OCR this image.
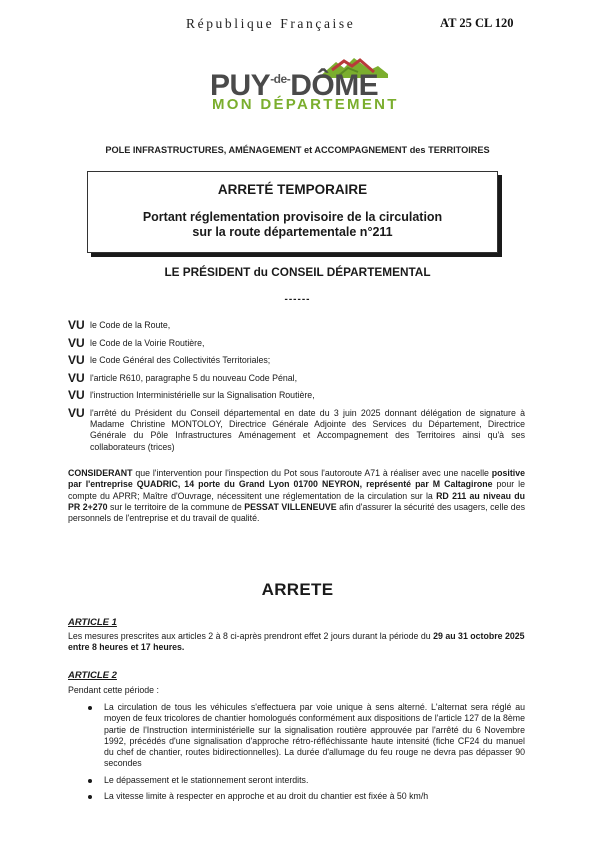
République Française	AT 25 CL 120
$PUY^{-de-}DÔME$
MON DÉPARTEMENT
POLE INFRASTRUCTURES, AMÉNAGEMENT et ACCOMPAGNEMENT des TERRITOIRES
ARRETÉ TEMPORAIRE
Portant réglementation provisoire de la circulation
sur la route départementale n°211
LE PRÉSIDENT du CONSEIL DÉPARTEMENTAL
------
VU le Code de la Route,
VU le Code de la Voirie Routière,
VU le Code Général des Collectivités Territoriales;
VU l'article R610, paragraphe 5 du nouveau Code Pénal,
VU l'instruction Interministérielle sur la Signalisation Routière,
VU l'arrêté du Président du Conseil départemental en date du 3 juin 2025 donnant délégation de signature à Madame Christine MONTOLOY, Directrice Générale Adjointe des Services du Département, Directrice Générale du Pôle Infrastructures Aménagement et Accompagnement des Territoires ainsi qu'à ses collaborateurs (trices)
CONSIDERANT que l'intervention pour l'inspection du Pot sous l'autoroute A71 à réaliser avec une nacelle positive par l'entreprise QUADRIC, 14 porte du Grand Lyon 01700 NEYRON, représenté par M Caltagirone pour le compte du APRR; Maître d'Ouvrage, nécessitent une réglementation de la circulation sur la RD 211 au niveau du PR 2+270 sur le territoire de la commune de PESSAT VILLENEUVE afin d'assurer la sécurité des usagers, celle des personnels de l'entreprise et du travail de qualité.
ARRETE
ARTICLE 1
Les mesures prescrites aux articles 2 à 8 ci-après prendront effet 2 jours durant la période du 29 au 31 octobre 2025 entre 8 heures et 17 heures.
ARTICLE 2
Pendant cette période :
La circulation de tous les véhicules s'effectuera par voie unique à sens alterné. L'alternat sera réglé au moyen de feux tricolores de chantier homologués conformément aux dispositions de l'article 127 de la 8ème partie de l'Instruction interministérielle sur la signalisation routière approuvée par l'arrêté du 6 Novembre 1992, précédés d'une signalisation d'approche rétro-réfléchissante haute intensité (fiche CF24 du manuel du chef de chantier, routes bidirectionnelles). La durée d'allumage du feu rouge ne devra pas dépasser 90 secondes
Le dépassement et le stationnement seront interdits.
La vitesse limite à respecter en approche et au droit du chantier est fixée à 50 km/h
